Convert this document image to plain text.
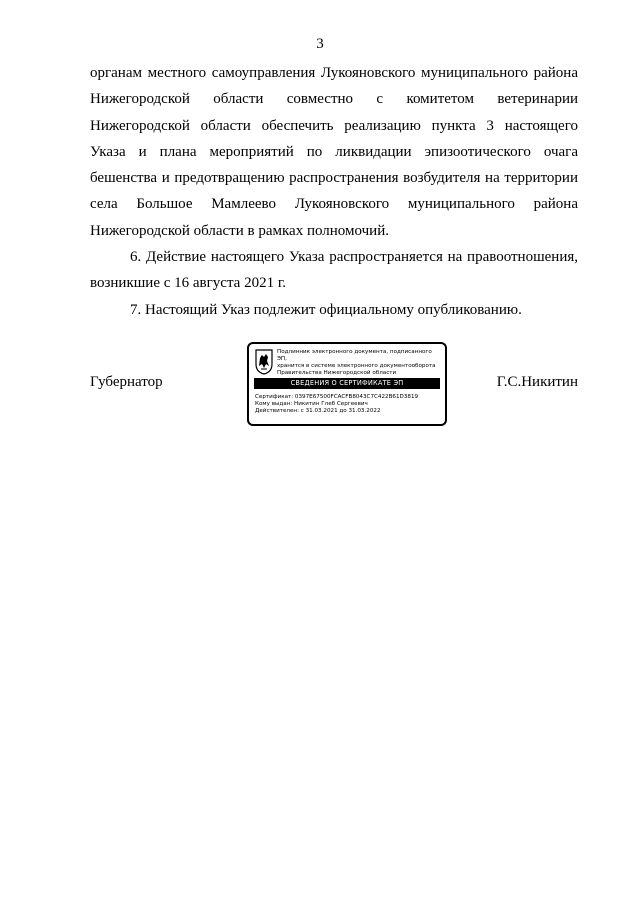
3
органам местного самоуправления Лукояновского муниципального района
Нижегородской области совместно с комитетом ветеринарии
Нижегородской области обеспечить реализацию пункта 3 настоящего
Указа и плана мероприятий по ликвидации эпизоотического очага
бешенства и предотвращению распространения возбудителя на территории
села Большое Мамлеево Лукояновского муниципального района
Нижегородской области в рамках полномочий.
6. Действие настоящего Указа распространяется на правоотношения,
возникшие с 16 августа 2021 г.
7. Настоящий Указ подлежит официальному опубликованию.
Губернатор	Г.С.Никитин
Подлинник электронного документа, подписанного ЭП,
хранится в системе электронного документооборота
Правительства Нижегородской области
СВЕДЕНИЯ О СЕРТИФИКАТЕ ЭП
Сертификат: 0397E67500FCACFB8043C7C422B61D3819
Кому выдан: Никитин Глеб Сергеевич
Действителен: с 31.03.2021 до 31.03.2022
